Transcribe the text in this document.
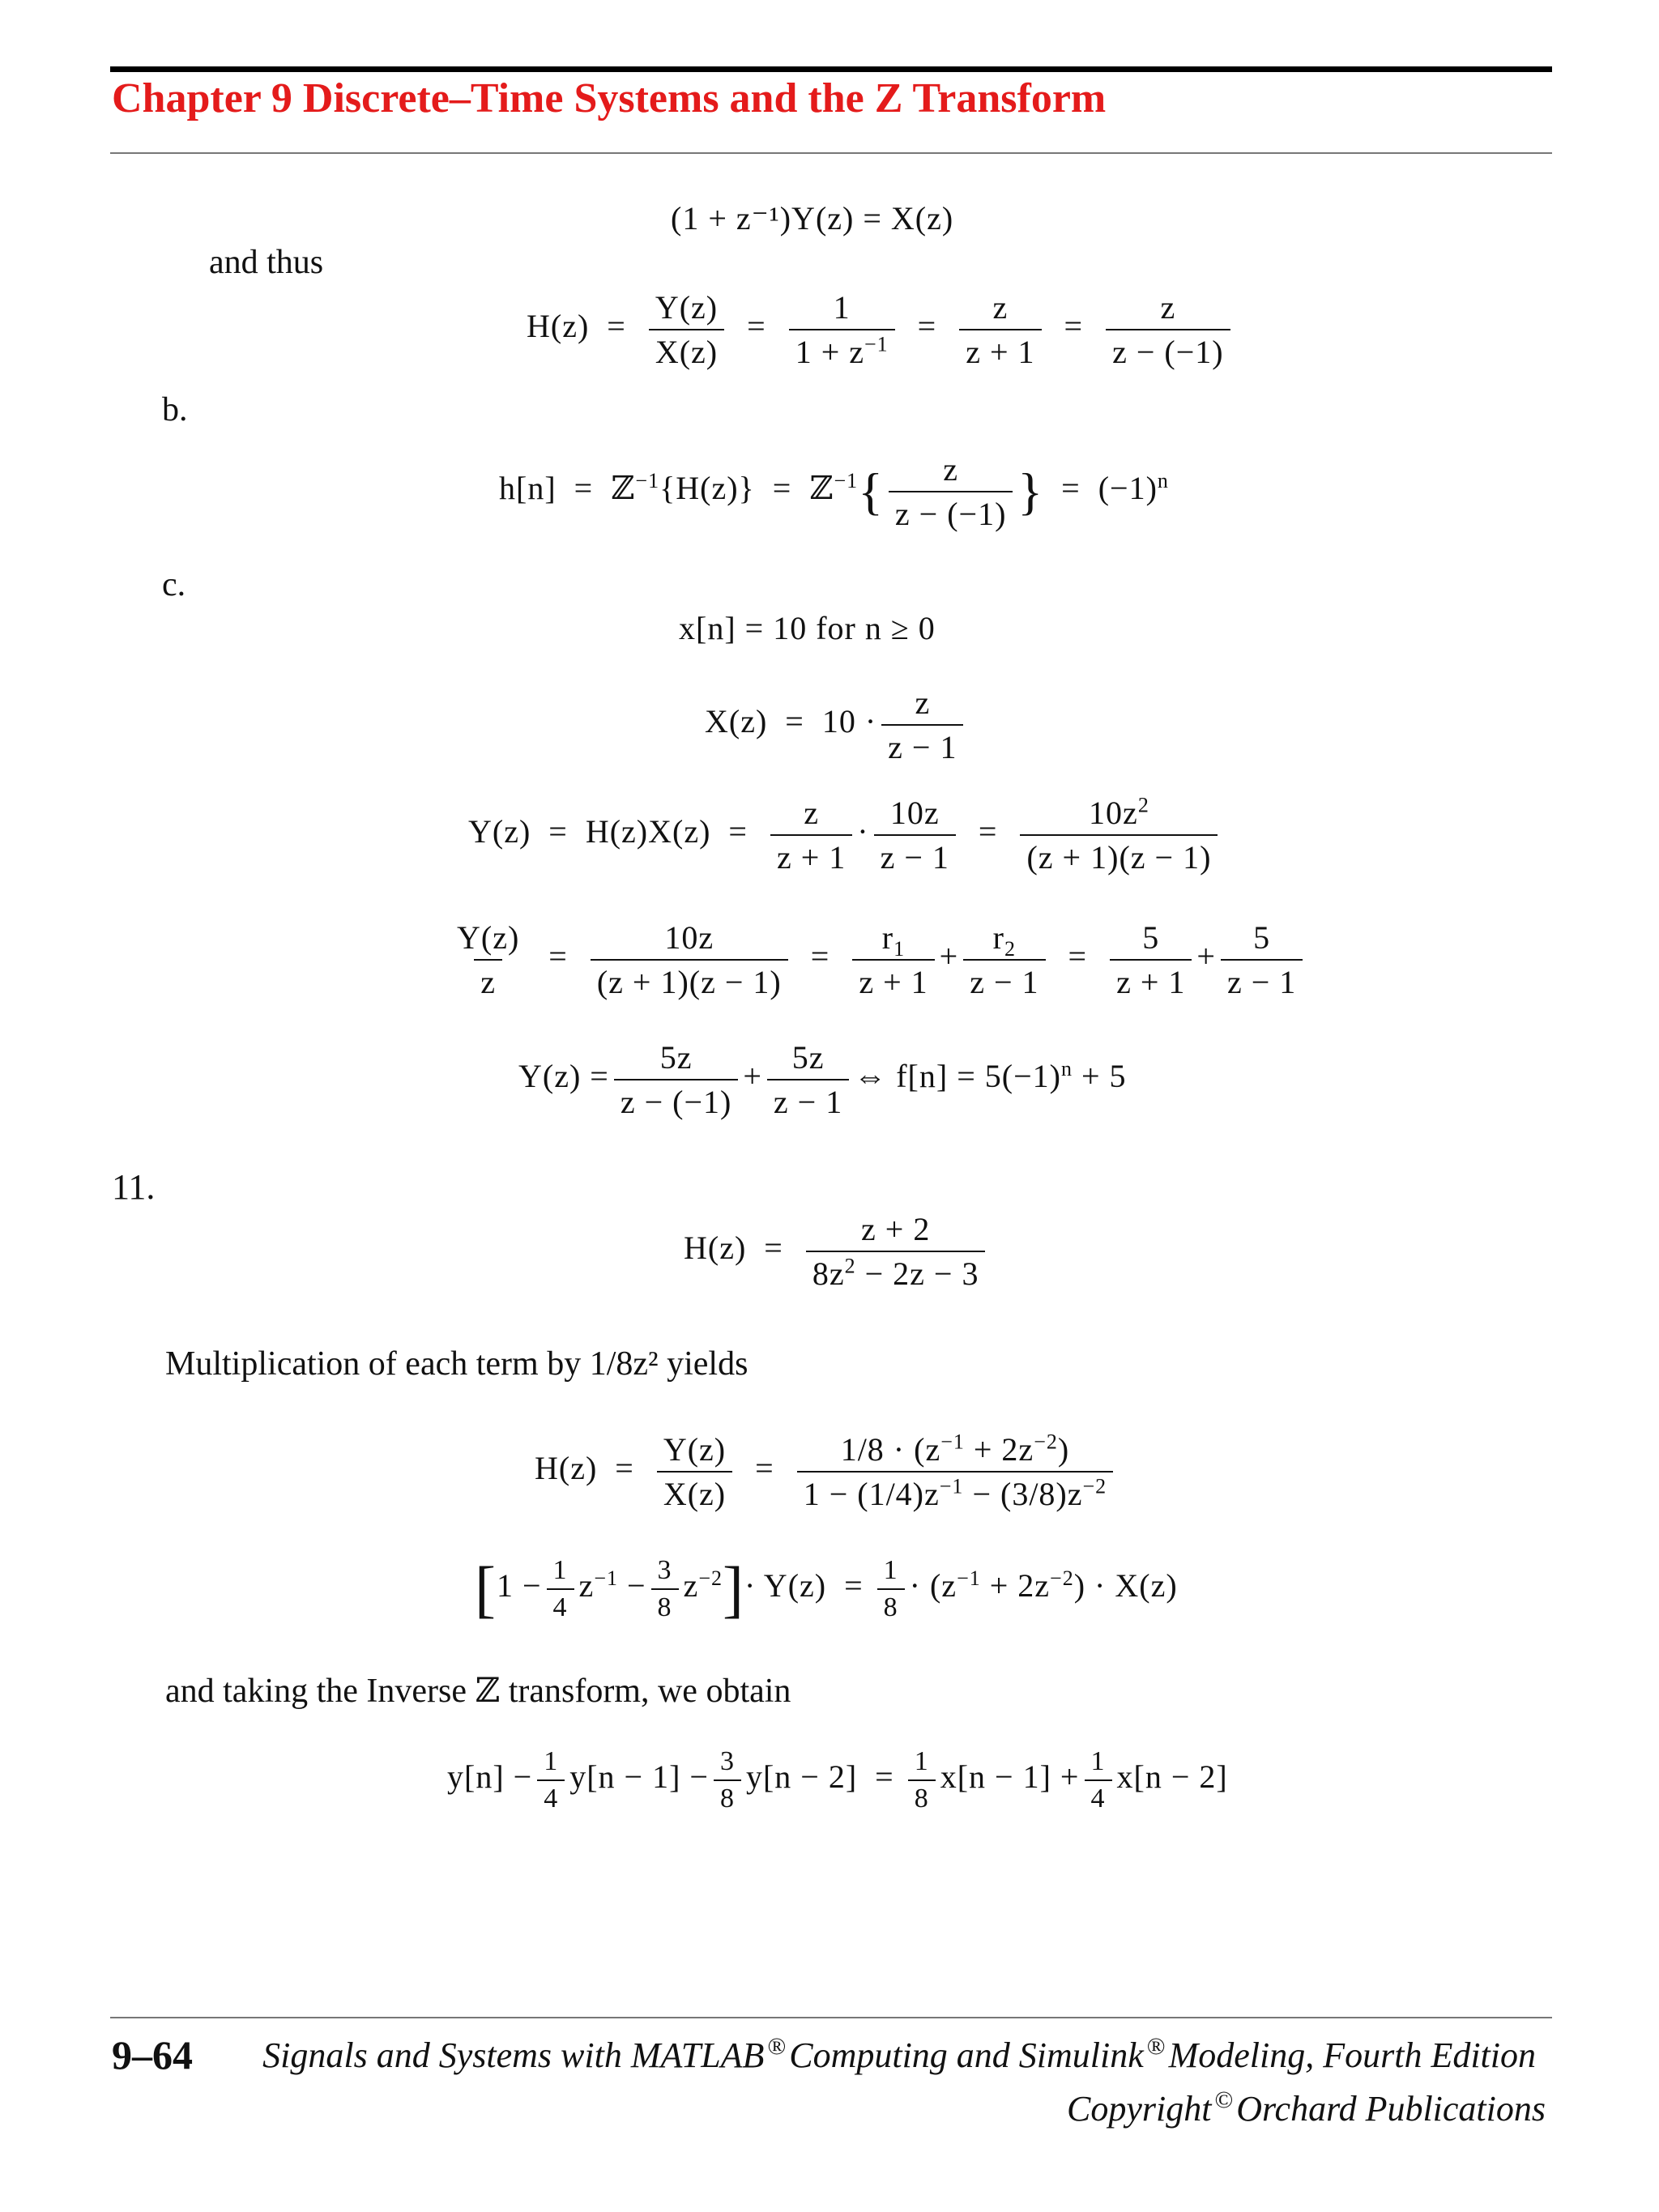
Chapter 9 Discrete–Time Systems and the Z Transform
(1 + z⁻¹)Y(z) = X(z)
and thus
$H(z) = \frac{Y(z)}{X(z)} = \frac{1}{1 + z^{-1}} = \frac{z}{z + 1} = \frac{z}{z - (-1)}$
b.
h[n]  =  ℤ$^{-1}${H(z)}  =  ℤ$^{-1}${ $\frac{z}{z - (-1)}$ }  =  $(-1)^n$
c.
x[n] = 10 for n ≥ 0
$X(z) = 10 \cdot \frac{z}{z - 1}$
$Y(z) = H(z)X(z) = \frac{z}{z + 1} \cdot \frac{10z}{z - 1} = \frac{10z^2}{(z + 1)(z - 1)}$
$\frac{Y(z)}{z} = \frac{10z}{(z + 1)(z - 1)} = \frac{r_1}{z + 1} + \frac{r_2}{z - 1} = \frac{5}{z + 1} + \frac{5}{z - 1}$
$Y(z) = \frac{5z}{z - (-1)} + \frac{5z}{z - 1}$ ⇔ $f[n] = 5(-1)^n + 5$
11.
$H(z) = \frac{z + 2}{8z^2 - 2z - 3}$
Multiplication of each term by 1/8z² yields
$H(z) = \frac{Y(z)}{X(z)} = \frac{1/8 \cdot (z^{-1} + 2z^{-2})}{1 - (1/4)z^{-1} - (3/8)z^{-2}}$
$[1 - \frac{1}{4} z^{-1} - \frac{3}{8} z^{-2}]\cdot Y(z) = \frac{1}{8} \cdot (z^{-1} + 2z^{-2}) \cdot X(z)$
and taking the Inverse ℤ transform, we obtain
$y[n] - \frac{1}{4} y[n - 1] - \frac{3}{8} y[n - 2] = \frac{1}{8} x[n - 1] + \frac{1}{4} x[n - 2]$
9–64 Signals and Systems with MATLAB ®Computing and Simulink ®Modeling, Fourth Edition
Copyright ©Orchard Publications
